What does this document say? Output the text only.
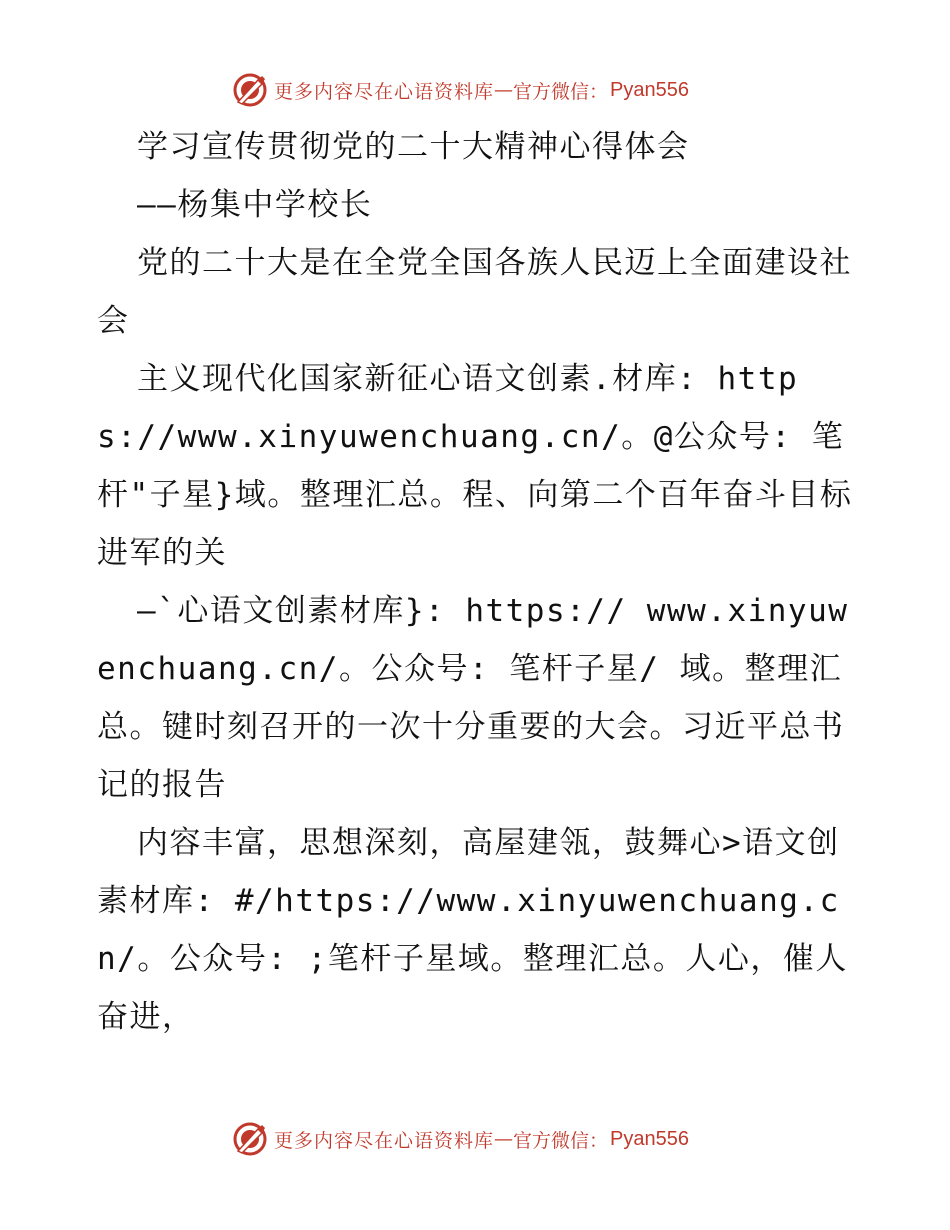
更多内容尽在心语资料库 — 官方微信： Pyan556

学习宣传贯彻党的二十大精神心得体会

——杨集中学校长

党的二十大是在全党全国各族人民迈上全面建设社会

主义现代化国家新征心语文创素.材库: https://www.xinyuwenchuang.cn/。@公众号: 笔杆"子星}域。整理汇总。程、向第二个百年奋斗目标进军的关

—`心语文创素材库}: https:// www.xinyuwenchuang.cn/。公众号: 笔杆子星/ 域。整理汇总。键时刻召开的一次十分重要的大会。习近平总书记的报告

内容丰富，思想深刻，高屋建瓴，鼓舞心>语文创素材库: #/https://www.xinyuwenchuang.cn/。公众号: ;笔杆子星域。整理汇总。人心，催人奋进，

更多内容尽在心语资料库 — 官方微信： Pyan556
